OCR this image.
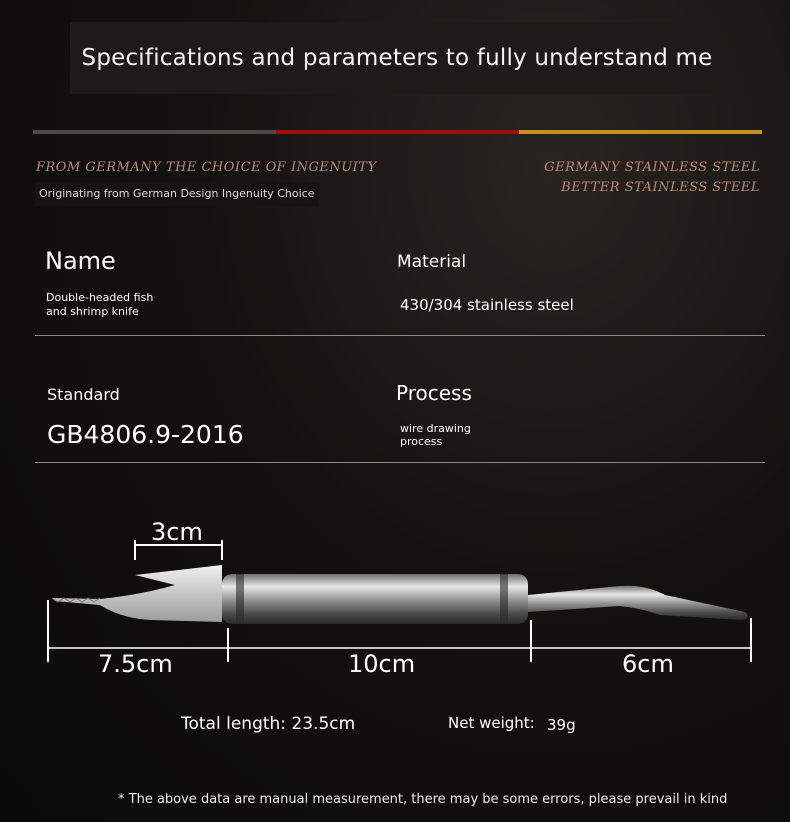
Specifications and parameters to fully understand me
FROM GERMANY THE CHOICE OF INGENUITY
Originating from German Design Ingenuity Choice
GERMANY STAINLESS STEEL
BETTER STAINLESS STEEL
Name
Double-headed fish
and shrimp knife
Material
430/304 stainless steel
Standard
GB4806.9-2016
Process
wire drawing
process
3cm
7.5cm	10cm	6cm
Total length: 23.5cm	Net weight: 39g
* The above data are manual measurement, there may be some errors, please prevail in kind
